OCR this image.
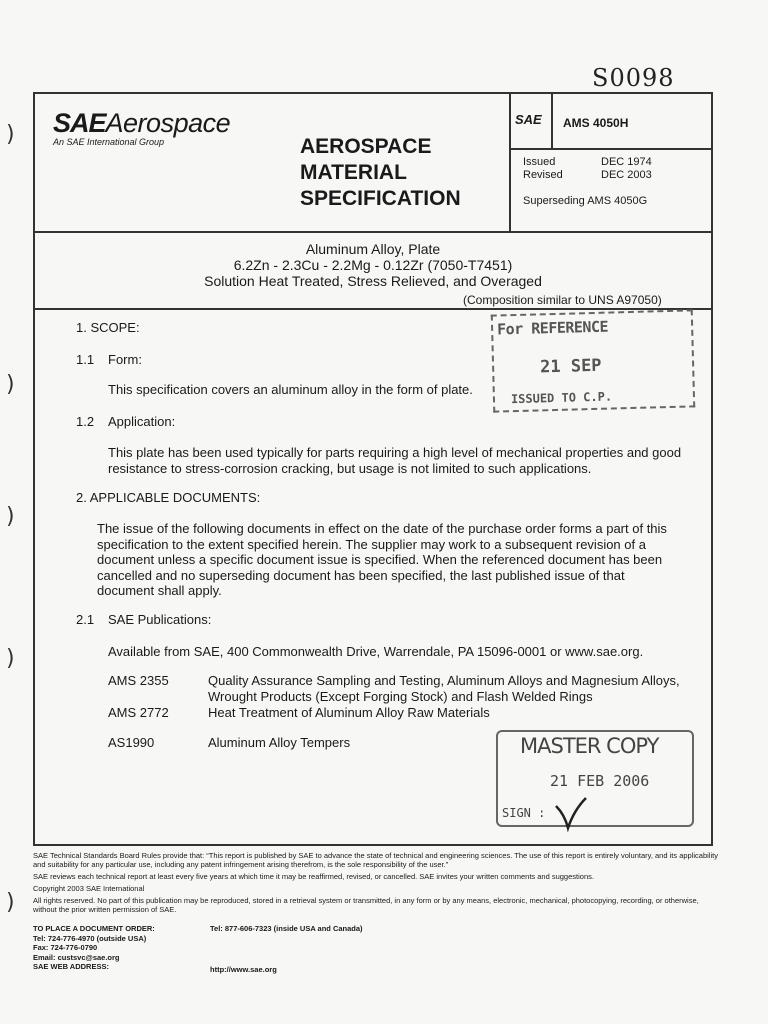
S0098
)
)
)
)
)
SAEAerospace
An SAE International Group	AEROSPACE
MATERIAL
SPECIFICATION
SAE AMS 4050H
Issued	DEC 1974
Revised	DEC 2003
Superseding AMS 4050G
Aluminum Alloy, Plate
6.2Zn - 2.3Cu - 2.2Mg - 0.12Zr (7050-T7451)
Solution Heat Treated, Stress Relieved, and Overaged
(Composition similar to UNS A97050)
For REFERENCE
21 SEP
ISSUED TO C.P.
1. SCOPE:
1.1 Form:
This specification covers an aluminum alloy in the form of plate.
1.2 Application:
This plate has been used typically for parts requiring a high level of mechanical properties and good resistance to stress-corrosion cracking, but usage is not limited to such applications.
2. APPLICABLE DOCUMENTS:
The issue of the following documents in effect on the date of the purchase order forms a part of this specification to the extent specified herein. The supplier may work to a subsequent revision of a document unless a specific document issue is specified. When the referenced document has been cancelled and no superseding document has been specified, the last published issue of that document shall apply.
2.1 SAE Publications:
Available from SAE, 400 Commonwealth Drive, Warrendale, PA 15096-0001 or www.sae.org.
AMS 2355	Quality Assurance Sampling and Testing, Aluminum Alloys and Magnesium Alloys, Wrought Products (Except Forging Stock) and Flash Welded Rings
AMS 2772	Heat Treatment of Aluminum Alloy Raw Materials
AS1990	Aluminum Alloy Tempers	MASTER COPY
21 FEB 2006
SIGN :

SAE Technical Standards Board Rules provide that: “This report is published by SAE to advance the state of technical and engineering sciences. The use of this report is entirely voluntary, and its applicability and suitability for any particular use, including any patent infringement arising therefrom, is the sole responsibility of the user.”

SAE reviews each technical report at least every five years at which time it may be reaffirmed, revised, or cancelled. SAE invites your written comments and suggestions.

Copyright 2003 SAE International

All rights reserved. No part of this publication may be reproduced, stored in a retrieval system or transmitted, in any form or by any means, electronic, mechanical, photocopying, recording, or otherwise, without the prior written permission of SAE.

TO PLACE A DOCUMENT ORDER:
Tel: 724-776-4970 (outside USA)
Fax: 724-776-0790
Email: custsvc@sae.org
SAE WEB ADDRESS:
Tel: 877-606-7323 (inside USA and Canada)
http://www.sae.org
